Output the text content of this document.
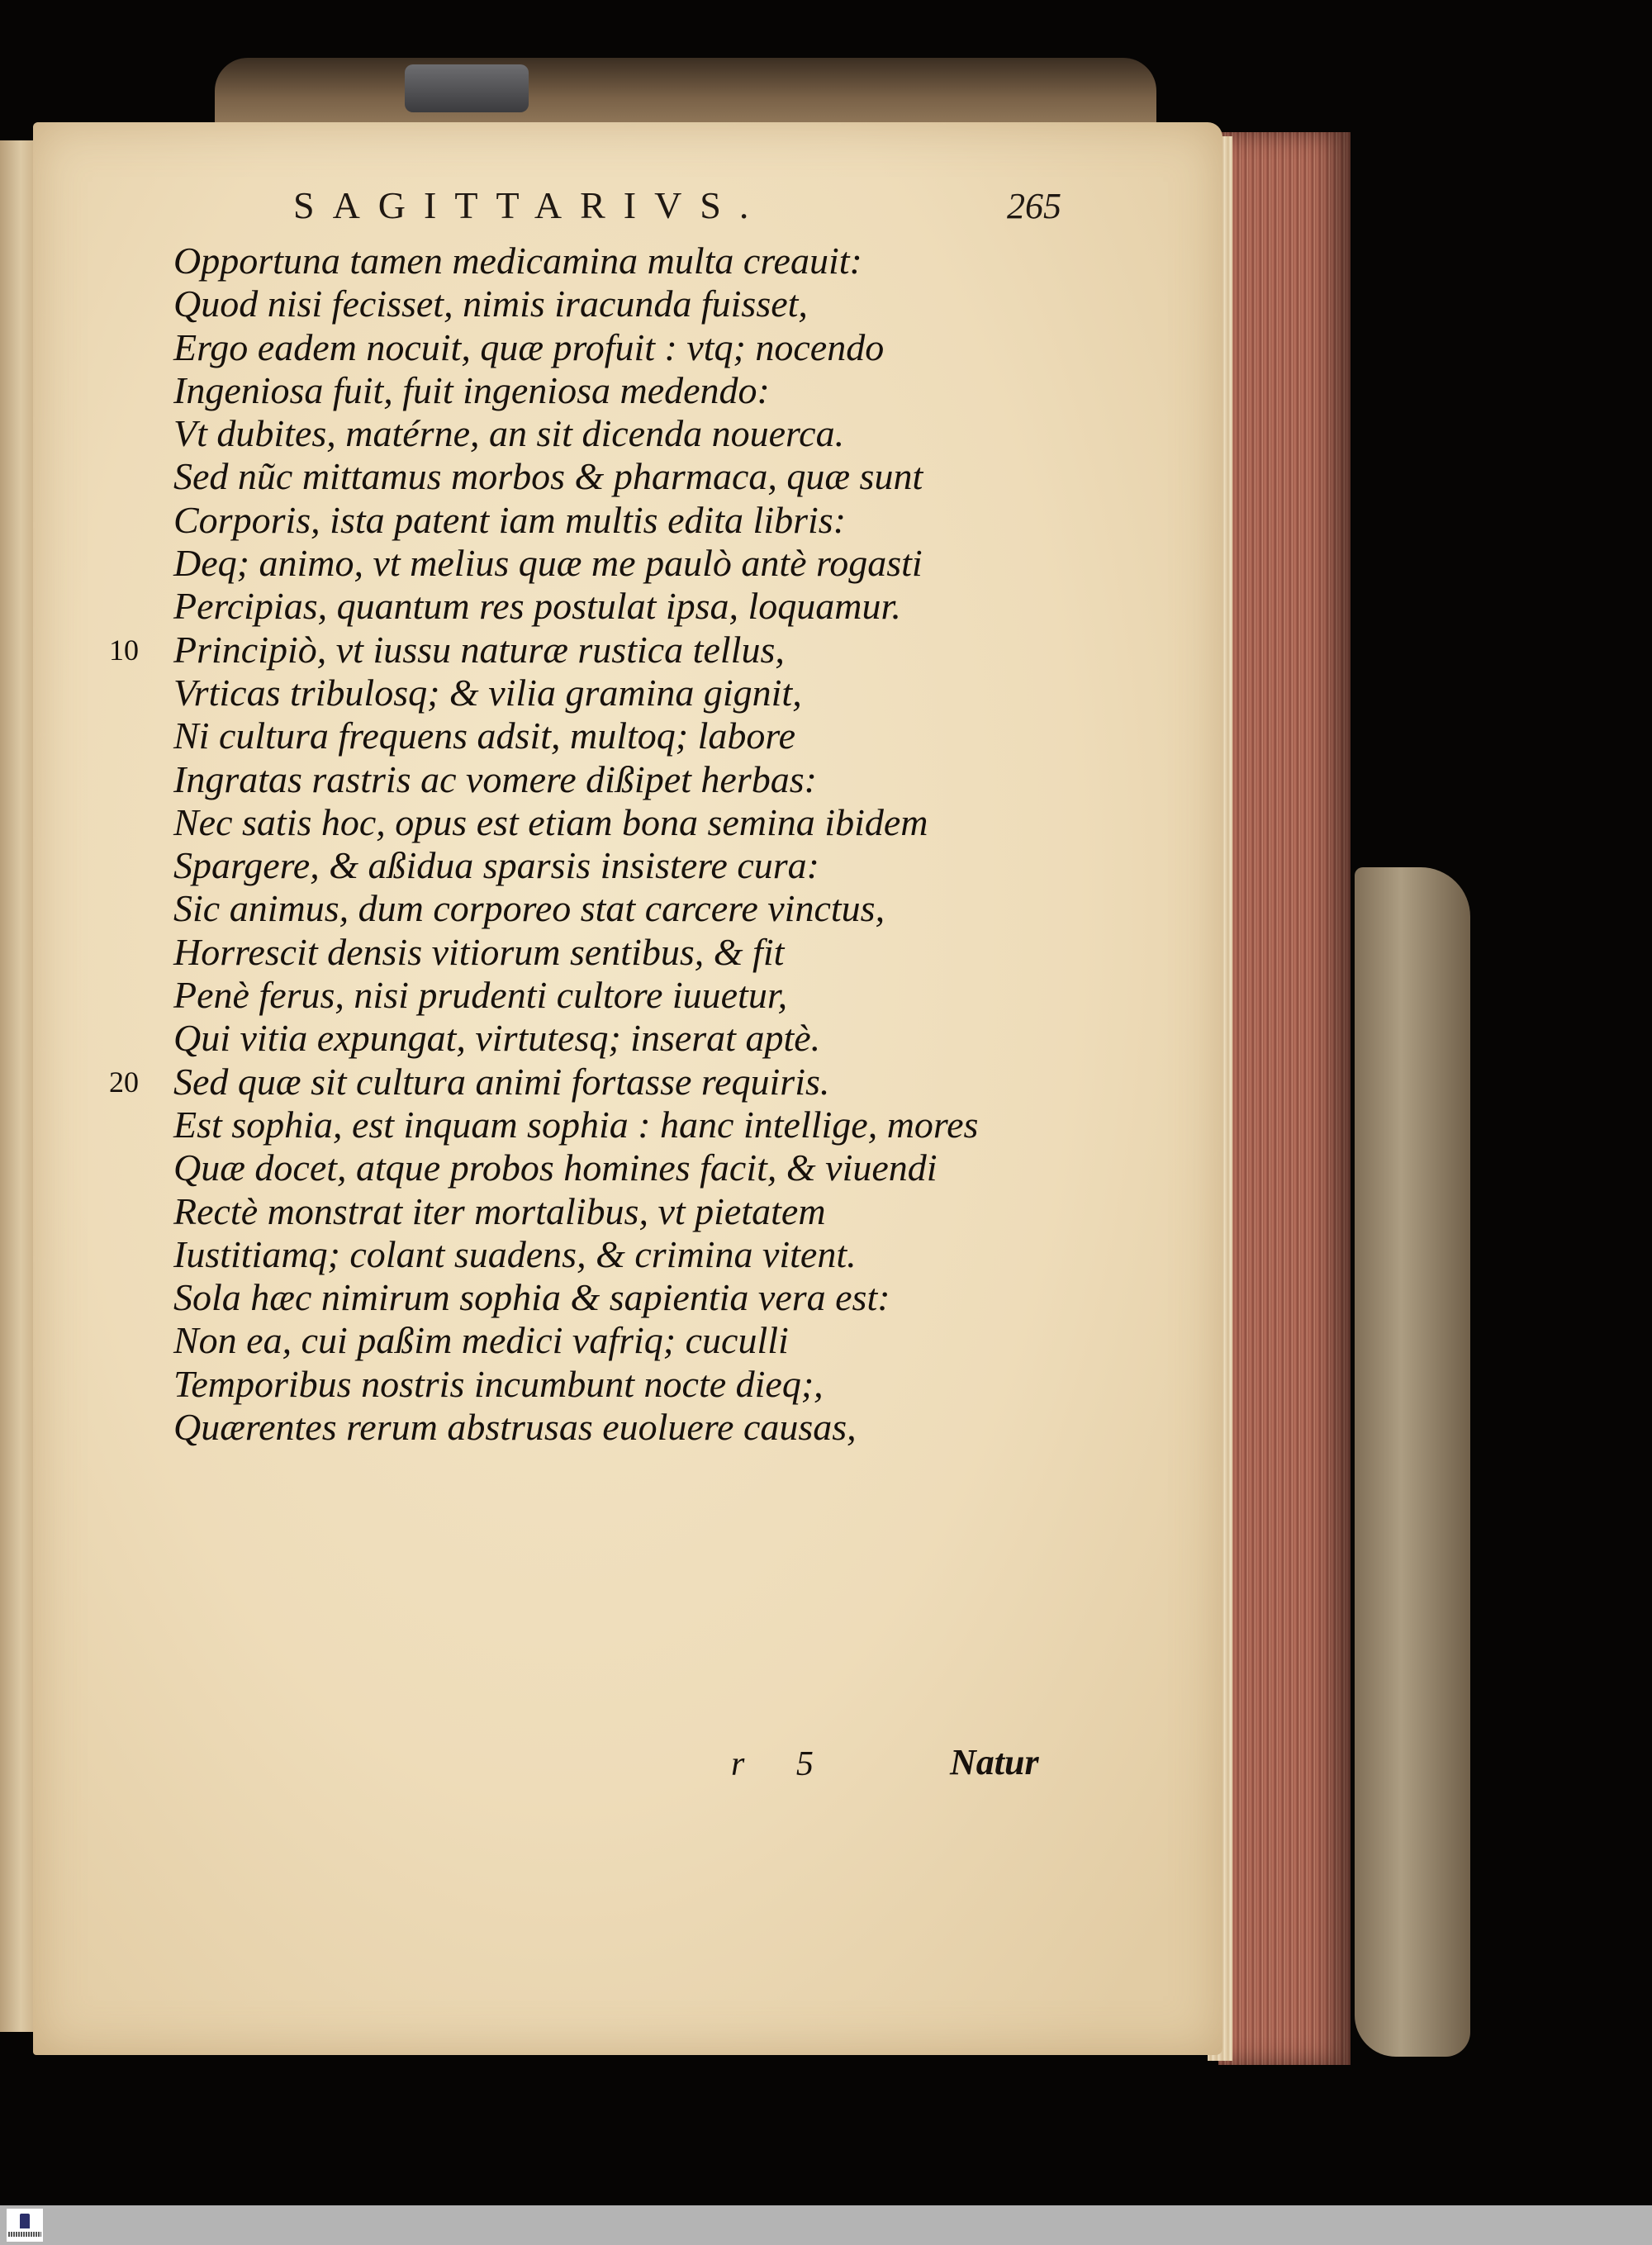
SAGITTARIVS.	265
Opportuna tamen medicamina multa creauit:
Quod nisi fecisset, nimis iracunda fuisset,
Ergo eadem nocuit, quæ profuit : vtq; nocendo
Ingeniosa fuit, fuit ingeniosa medendo:
Vt dubites, matérne, an sit dicenda nouerca.
Sed nũc mittamus morbos & pharmaca, quæ sunt
Corporis, ista patent iam multis edita libris:
Deq; animo, vt melius quæ me paulò antè rogasti
Percipias, quantum res postulat ipsa, loquamur.
10 Principiò, vt iussu naturæ rustica tellus,
Vrticas tribulosq; & vilia gramina gignit,
Ni cultura frequens adsit, multoq; labore
Ingratas rastris ac vomere dißipet herbas:
Nec satis hoc, opus est etiam bona semina ibidem
Spargere, & aßidua sparsis insistere cura:
Sic animus, dum corporeo stat carcere vinctus,
Horrescit densis vitiorum sentibus, & fit
Penè ferus, nisi prudenti cultore iuuetur,
Qui vitia expungat, virtutesq; inserat aptè.
20 Sed quæ sit cultura animi fortasse requiris.
Est sophia, est inquam sophia : hanc intellige, mores
Quæ docet, atque probos homines facit, & viuendi
Rectè monstrat iter mortalibus, vt pietatem
Iustitiamq; colant suadens, & crimina vitent.
Sola hæc nimirum sophia & sapientia vera est:
Non ea, cui paßim medici vafriq; cuculli
Temporibus nostris incumbunt nocte dieq;,
Quærentes rerum abstrusas euoluere causas,
r 5	Natur
